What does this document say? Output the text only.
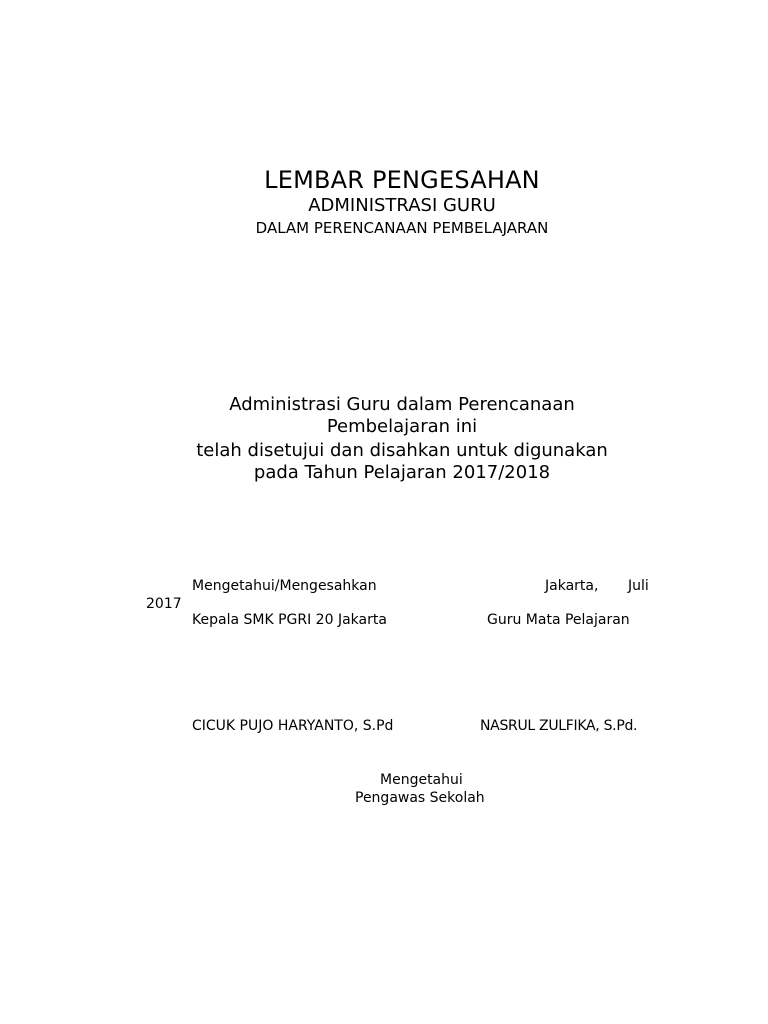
LEMBAR PENGESAHAN
ADMINISTRASI GURU
DALAM PERENCANAAN PEMBELAJARAN
Administrasi Guru dalam Perencanaan
Pembelajaran ini
telah disetujui dan disahkan untuk digunakan
pada Tahun Pelajaran 2017/2018
Mengetahui/Mengesahkan	Jakarta, Juli
2017
Kepala SMK PGRI 20 Jakarta	Guru Mata Pelajaran
CICUK PUJO HARYANTO, S.Pd	NASRUL ZULFIKA, S.Pd.
Mengetahui
Pengawas Sekolah
